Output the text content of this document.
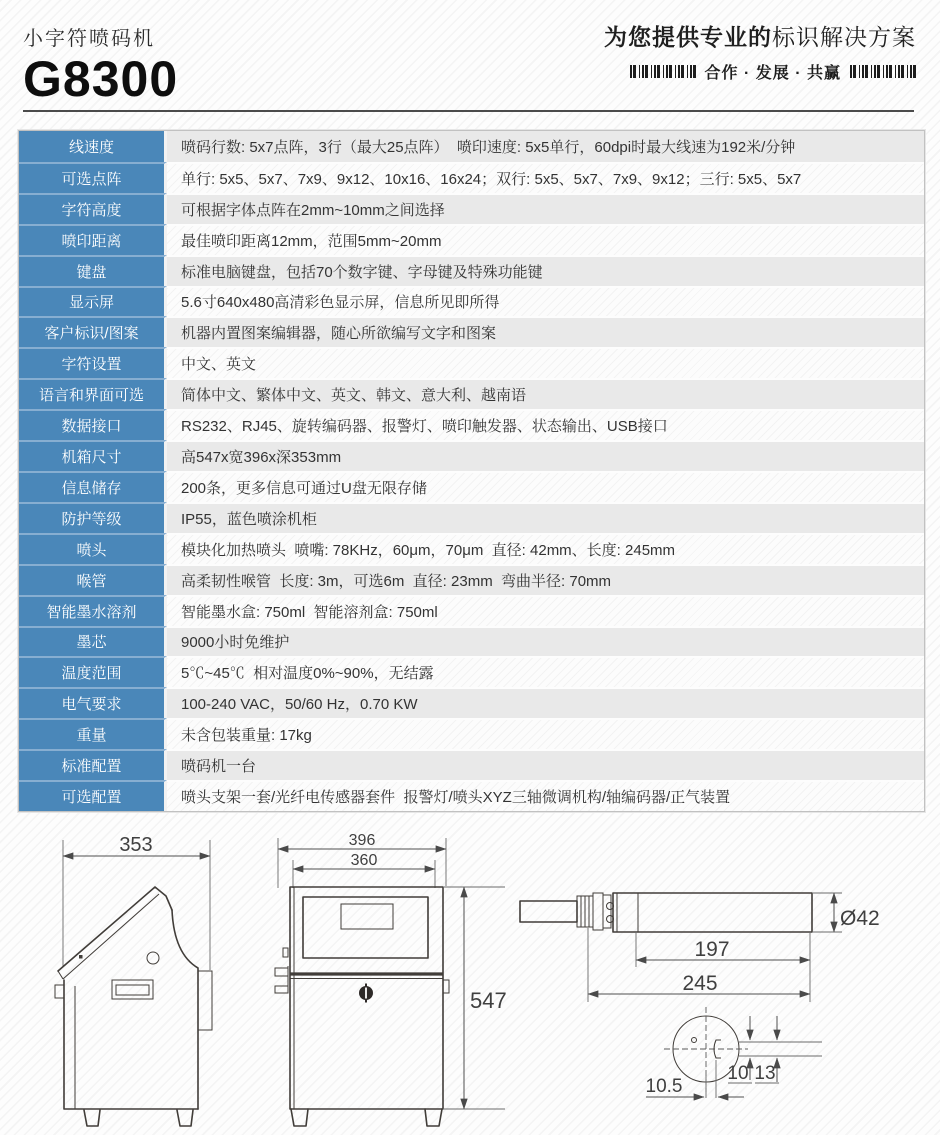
小字符喷码机
G8300
为您提供专业的标识解决方案
合作 · 发展 · 共赢
线速度	喷码行数: 5x7点阵，3行（最大25点阵）  喷印速度: 5x5单行，60dpi时最大线速为192米/分钟
可选点阵	单行: 5x5、5x7、7x9、9x12、10x16、16x24；双行: 5x5、5x7、7x9、9x12；三行: 5x5、5x7
字符高度	可根据字体点阵在2mm~10mm之间选择
喷印距离	最佳喷印距离12mm，范围5mm~20mm
键盘	标准电脑键盘，包括70个数字键、字母键及特殊功能键
显示屏	5.6寸640x480高清彩色显示屏，信息所见即所得
客户标识/图案	机器内置图案编辑器，随心所欲编写文字和图案
字符设置	中文、英文
语言和界面可选	简体中文、繁体中文、英文、韩文、意大利、越南语
数据接口	RS232、RJ45、旋转编码器、报警灯、喷印触发器、状态输出、USB接口
机箱尺寸	高547x宽396x深353mm
信息储存	200条，更多信息可通过U盘无限存储
防护等级	IP55，蓝色喷涂机柜
喷头	模块化加热喷头  喷嘴: 78KHz，60μm，70μm  直径: 42mm、长度: 245mm
喉管	高柔韧性喉管  长度: 3m，可选6m  直径: 23mm  弯曲半径: 70mm
智能墨水溶剂	智能墨水盒: 750ml  智能溶剂盒: 750ml
墨芯	9000小时免维护
温度范围	5℃~45℃  相对温度0%~90%，无结露
电气要求	100-240 VAC，50/60 Hz，0.70 KW
重量	未含包装重量: 17kg
标准配置	喷码机一台
可选配置	喷头支架一套/光纤电传感器套件  报警灯/喷头XYZ三轴微调机构/轴编码器/正气装置
353	396
360
547
Ø42
197
245
10 13
10.5
